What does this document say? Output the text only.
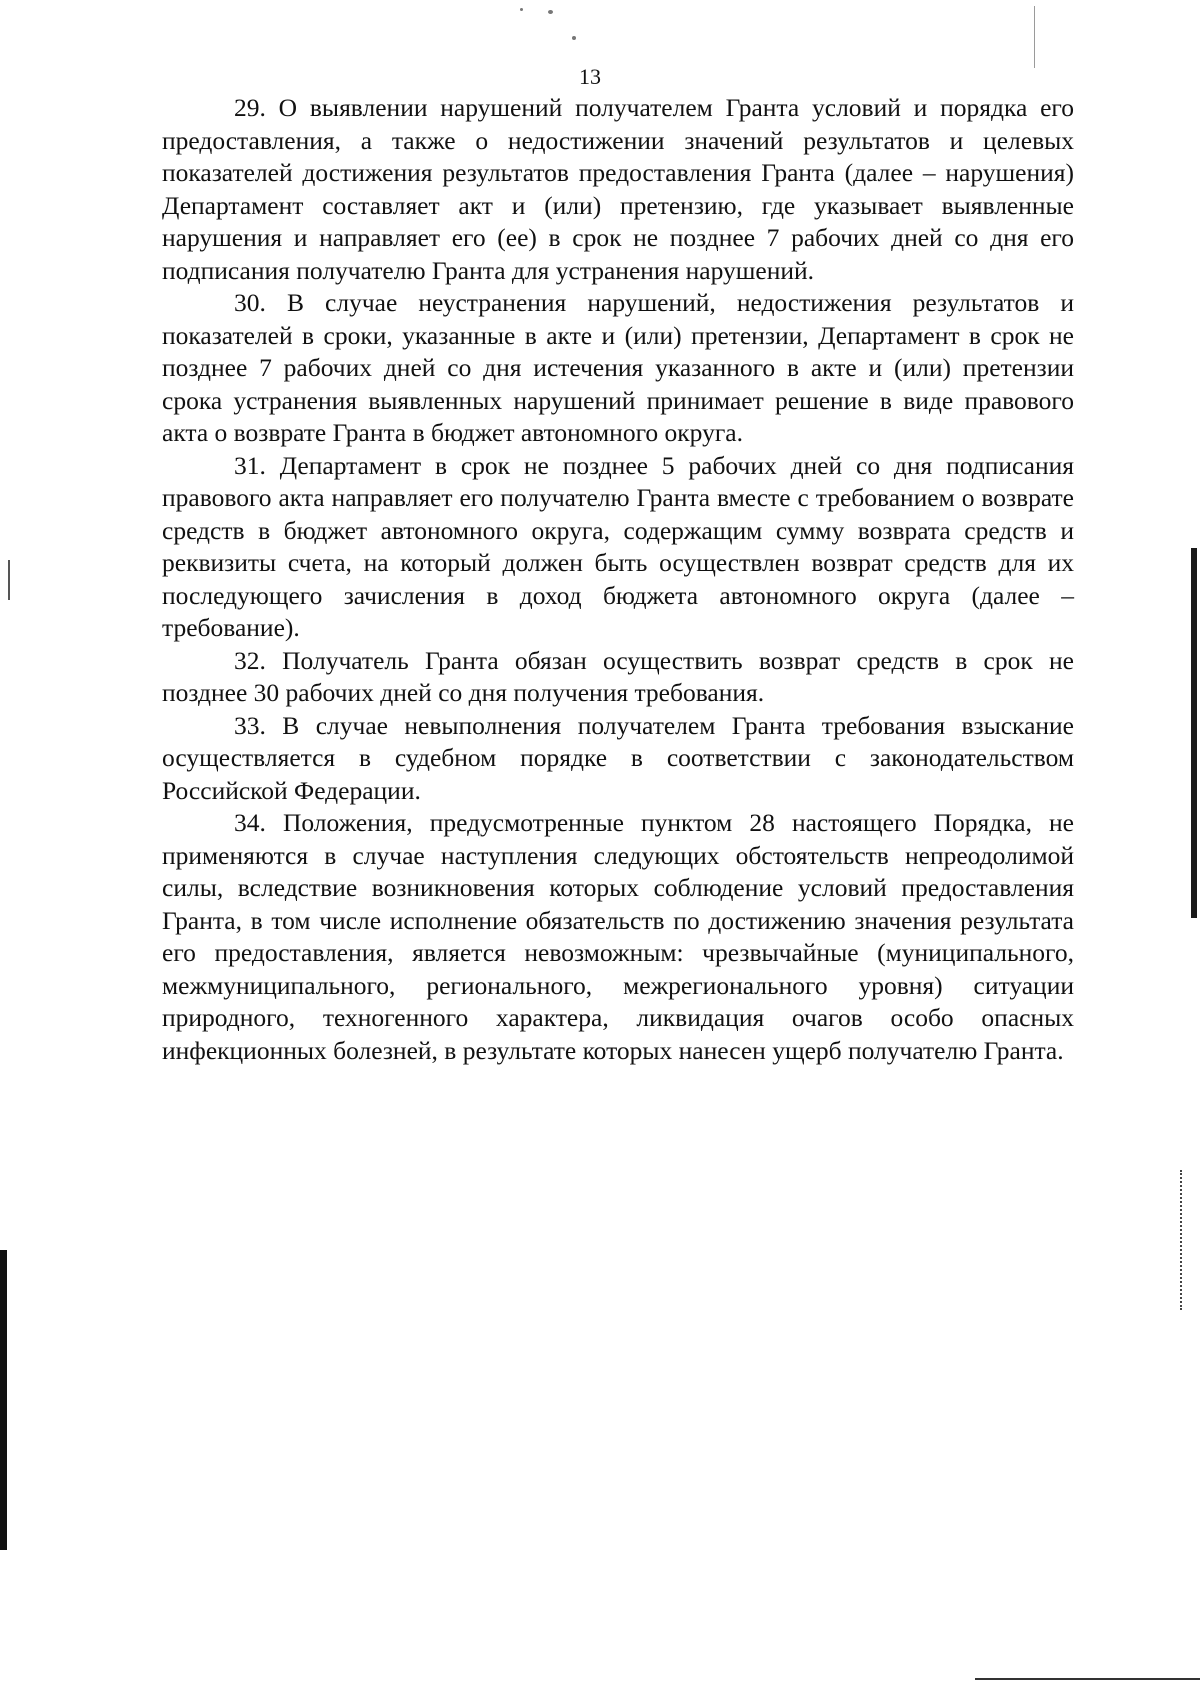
13

29. О выявлении нарушений получателем Гранта условий и порядка его предоставления, а также о недостижении значений результатов и целевых показателей достижения результатов предоставления Гранта (далее – нарушения) Департамент составляет акт и (или) претензию, где указывает выявленные нарушения и направляет его (ее) в срок не позднее 7 рабочих дней со дня его подписания получателю Гранта для устранения нарушений.

30. В случае неустранения нарушений, недостижения результатов и показателей в сроки, указанные в акте и (или) претензии, Департамент в срок не позднее 7 рабочих дней со дня истечения указанного в акте и (или) претензии срока устранения выявленных нарушений принимает решение в виде правового акта о возврате Гранта в бюджет автономного округа.

31. Департамент в срок не позднее 5 рабочих дней со дня подписания правового акта направляет его получателю Гранта вместе с требованием о возврате средств в бюджет автономного округа, содержащим сумму возврата средств и реквизиты счета, на который должен быть осуществлен возврат средств для их последующего зачисления в доход бюджета автономного округа (далее – требование).

32. Получатель Гранта обязан осуществить возврат средств в срок не позднее 30 рабочих дней со дня получения требования.

33. В случае невыполнения получателем Гранта требования взыскание осуществляется в судебном порядке в соответствии с законодательством Российской Федерации.

34. Положения, предусмотренные пунктом 28 настоящего Порядка, не применяются в случае наступления следующих обстоятельств непреодолимой силы, вследствие возникновения которых соблюдение условий предоставления Гранта, в том числе исполнение обязательств по достижению значения результата его предоставления, является невозможным: чрезвычайные (муниципального, межмуниципального, регионального, межрегионального уровня) ситуации природного, техногенного характера, ликвидация очагов особо опасных инфекционных болезней, в результате которых нанесен ущерб получателю Гранта.
